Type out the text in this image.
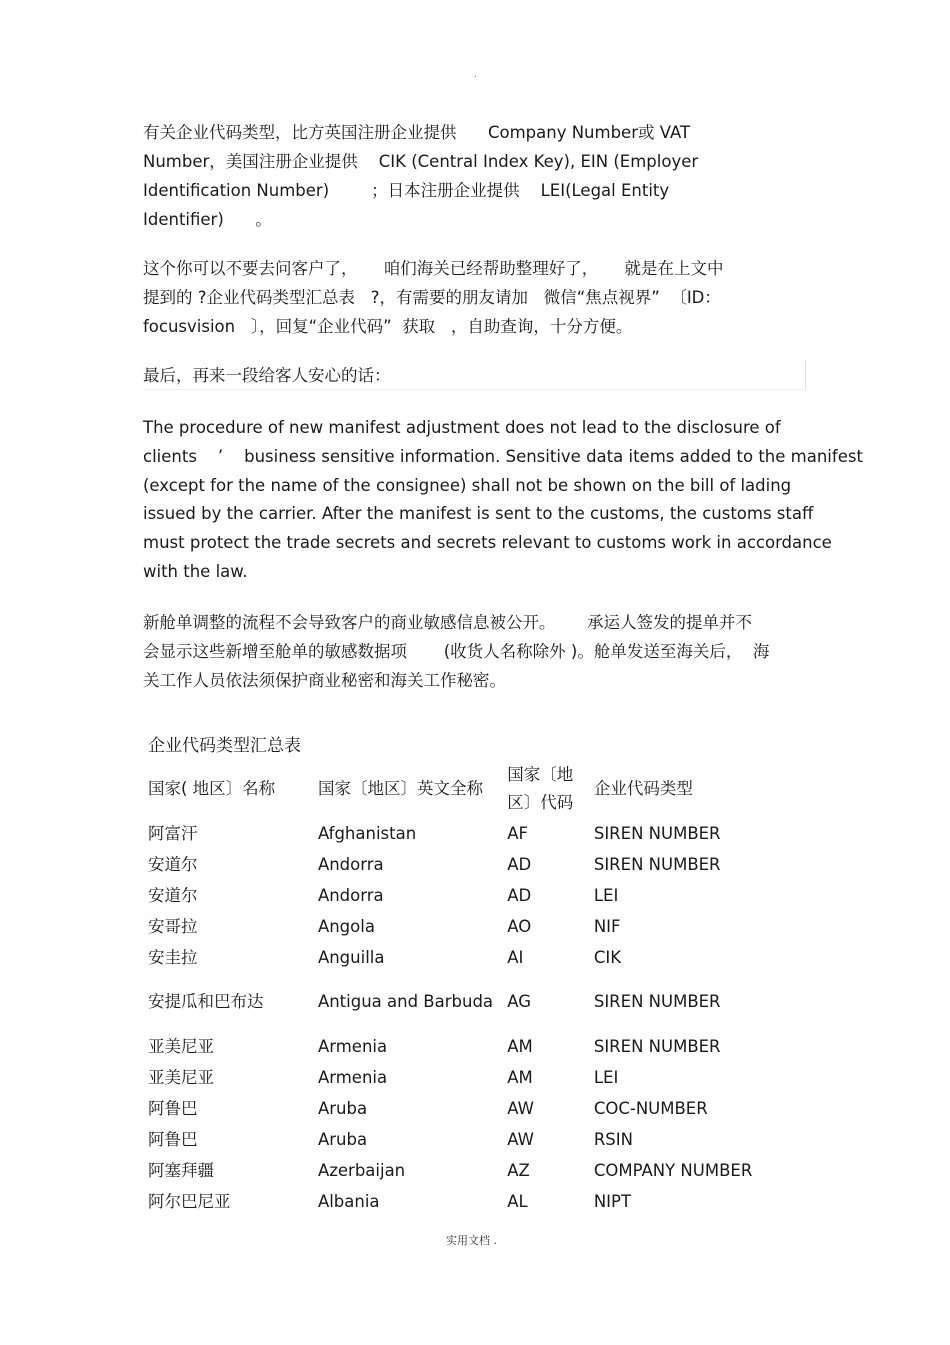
.
有关企业代码类型，比方英国注册企业提供      Company Number或 VAT
Number，美国注册企业提供    CIK (Central Index Key), EIN (Employer
Identification Number)        ；日本注册企业提供    LEI(Legal Entity
Identifier)      。
这个你可以不要去问客户了，     咱们海关已经帮助整理好了，     就是在上文中
提到的 ?企业代码类型汇总表   ?，有需要的朋友请加   微信“焦点视界”  〔ID：
focusvision   〕，回复“企业代码”  获取   ，自助查询，十分方便。
最后，再来一段给客人安心的话：
The procedure of new manifest adjustment does not lead to the disclosure of
clients    ’    business sensitive information. Sensitive data items added to the manifest
(except for the name of the consignee) shall not be shown on the bill of lading
issued by the carrier. After the manifest is sent to the customs, the customs staff
must protect the trade secrets and secrets relevant to customs work in accordance
with the law.
新舱单调整的流程不会导致客户的商业敏感信息被公开。      承运人签发的提单并不
会显示这些新增至舱单的敏感数据项       (收货人名称除外 )。舱单发送至海关后，  海
关工作人员依法须保护商业秘密和海关工作秘密。
企业代码类型汇总表
国家( 地区〕名称	国家〔地区〕英文全称	国家〔地区〕代码	企业代码类型
阿富汗	Afghanistan	AF	SIREN NUMBER
安道尔	Andorra	AD	SIREN NUMBER
安道尔	Andorra	AD	LEI
安哥拉	Angola	AO	NIF
安圭拉	Anguilla	AI	CIK
安提瓜和巴布达	Antigua and Barbuda	AG	SIREN NUMBER
亚美尼亚	Armenia	AM	SIREN NUMBER
亚美尼亚	Armenia	AM	LEI
阿鲁巴	Aruba	AW	COC-NUMBER
阿鲁巴	Aruba	AW	RSIN
阿塞拜疆	Azerbaijan	AZ	COMPANY NUMBER
阿尔巴尼亚	Albania	AL	NIPT
实用文档 .
